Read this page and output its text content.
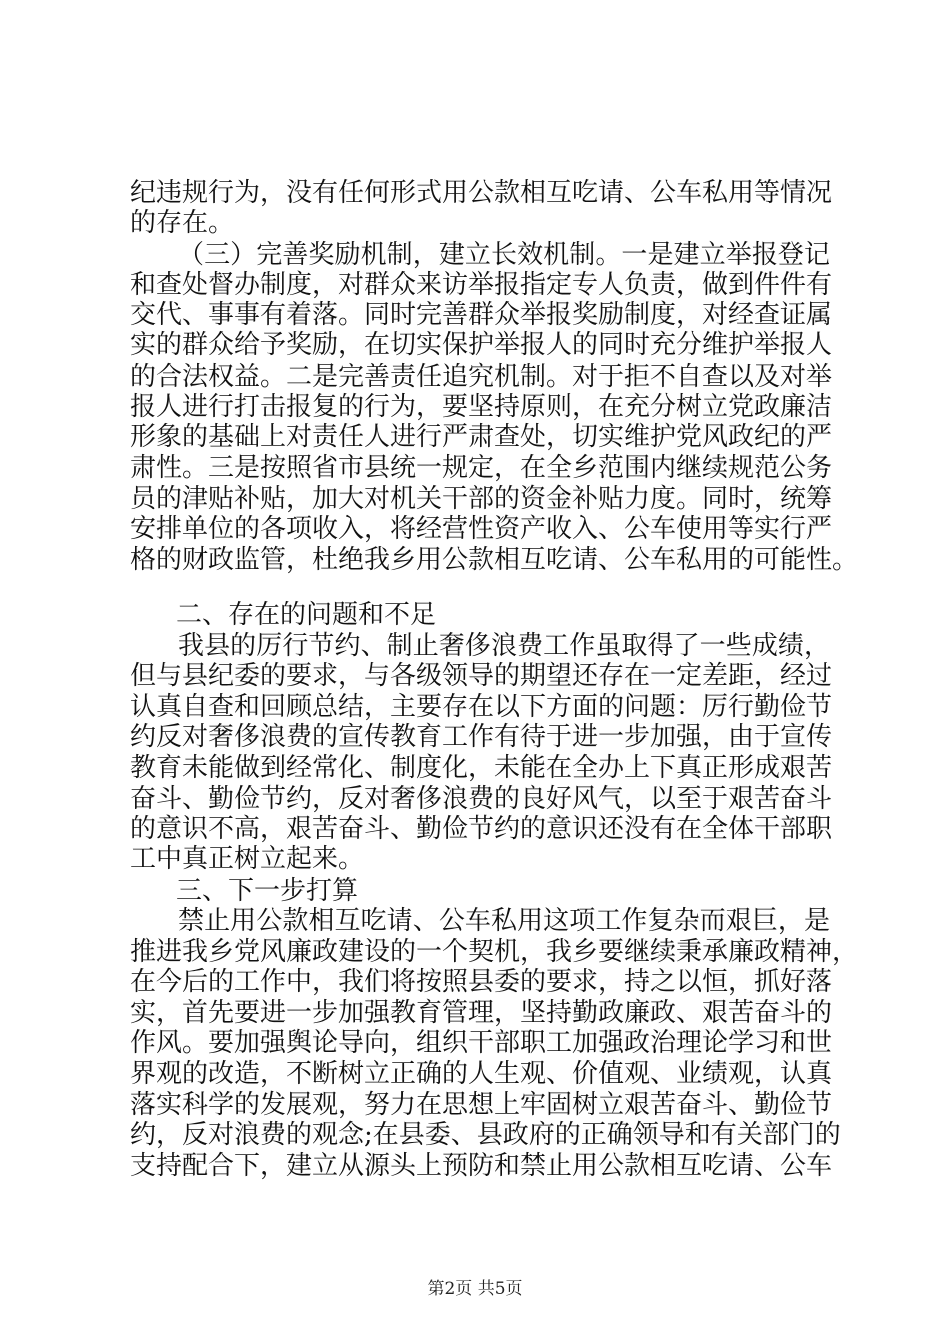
纪违规行为，没有任何形式用公款相互吃请、公车私用等情况
的存在。
（三）完善奖励机制，建立长效机制。一是建立举报登记
和查处督办制度，对群众来访举报指定专人负责，做到件件有
交代、事事有着落。同时完善群众举报奖励制度，对经查证属
实的群众给予奖励，在切实保护举报人的同时充分维护举报人
的合法权益。二是完善责任追究机制。对于拒不自查以及对举
报人进行打击报复的行为，要坚持原则，在充分树立党政廉洁
形象的基础上对责任人进行严肃查处，切实维护党风政纪的严
肃性。三是按照省市县统一规定，在全乡范围内继续规范公务
员的津贴补贴，加大对机关干部的资金补贴力度。同时，统筹
安排单位的各项收入，将经营性资产收入、公车使用等实行严
格的财政监管，杜绝我乡用公款相互吃请、公车私用的可能性。
二、存在的问题和不足
我县的厉行节约、制止奢侈浪费工作虽取得了一些成绩，
但与县纪委的要求，与各级领导的期望还存在一定差距，经过
认真自查和回顾总结，主要存在以下方面的问题：厉行勤俭节
约反对奢侈浪费的宣传教育工作有待于进一步加强，由于宣传
教育未能做到经常化、制度化，未能在全办上下真正形成艰苦
奋斗、勤俭节约，反对奢侈浪费的良好风气，以至于艰苦奋斗
的意识不高，艰苦奋斗、勤俭节约的意识还没有在全体干部职
工中真正树立起来。
三、下一步打算
禁止用公款相互吃请、公车私用这项工作复杂而艰巨，是
推进我乡党风廉政建设的一个契机，我乡要继续秉承廉政精神，
在今后的工作中，我们将按照县委的要求，持之以恒，抓好落
实，首先要进一步加强教育管理，坚持勤政廉政、艰苦奋斗的
作风。要加强舆论导向，组织干部职工加强政治理论学习和世
界观的改造，不断树立正确的人生观、价值观、业绩观，认真
落实科学的发展观，努力在思想上牢固树立艰苦奋斗、勤俭节
约，反对浪费的观念;在县委、县政府的正确领导和有关部门的
支持配合下，建立从源头上预防和禁止用公款相互吃请、公车
第2页 共5页
